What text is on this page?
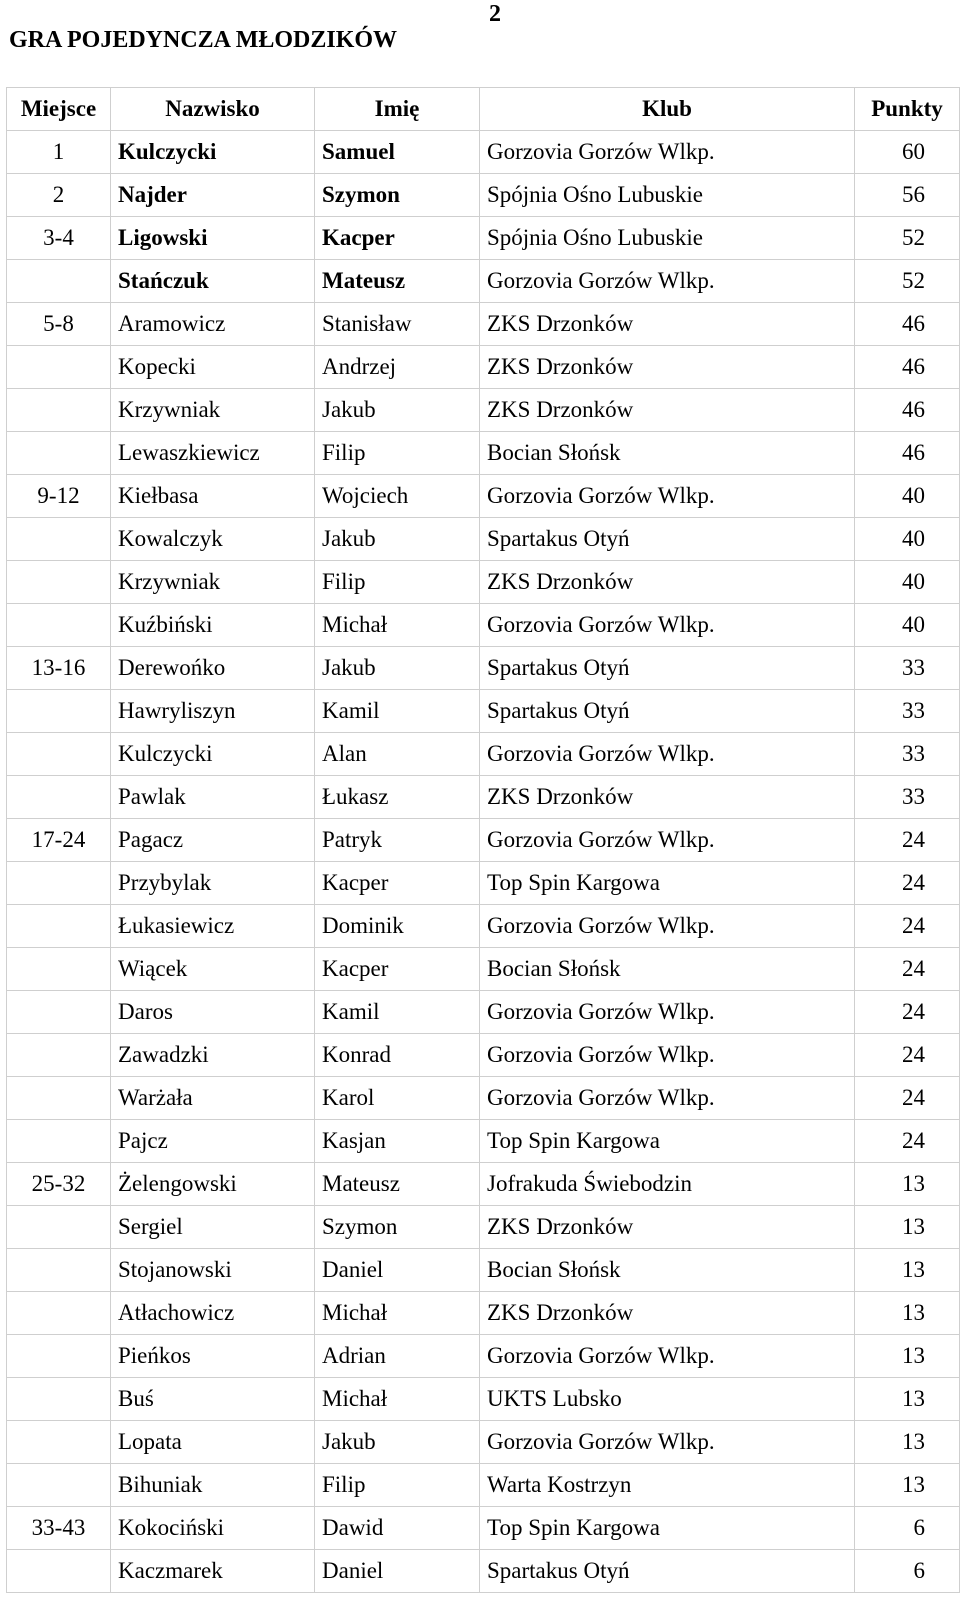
2
GRA POJEDYNCZA MŁODZIKÓW
Miejsce	Nazwisko	Imię	Klub	Punkty
1	Kulczycki	Samuel	Gorzovia Gorzów Wlkp.	60
2	Najder	Szymon	Spójnia Ośno Lubuskie	56
3-4	Ligowski	Kacper	Spójnia Ośno Lubuskie	52
	Stańczuk	Mateusz	Gorzovia Gorzów Wlkp.	52
5-8	Aramowicz	Stanisław	ZKS Drzonków	46
	Kopecki	Andrzej	ZKS Drzonków	46
	Krzywniak	Jakub	ZKS Drzonków	46
	Lewaszkiewicz	Filip	Bocian Słońsk	46
9-12	Kiełbasa	Wojciech	Gorzovia Gorzów Wlkp.	40
	Kowalczyk	Jakub	Spartakus Otyń	40
	Krzywniak	Filip	ZKS Drzonków	40
	Kuźbiński	Michał	Gorzovia Gorzów Wlkp.	40
13-16	Derewońko	Jakub	Spartakus Otyń	33
	Hawryliszyn	Kamil	Spartakus Otyń	33
	Kulczycki	Alan	Gorzovia Gorzów Wlkp.	33
	Pawlak	Łukasz	ZKS Drzonków	33
17-24	Pagacz	Patryk	Gorzovia Gorzów Wlkp.	24
	Przybylak	Kacper	Top Spin Kargowa	24
	Łukasiewicz	Dominik	Gorzovia Gorzów Wlkp.	24
	Wiącek	Kacper	Bocian Słońsk	24
	Daros	Kamil	Gorzovia Gorzów Wlkp.	24
	Zawadzki	Konrad	Gorzovia Gorzów Wlkp.	24
	Warżała	Karol	Gorzovia Gorzów Wlkp.	24
	Pajcz	Kasjan	Top Spin Kargowa	24
25-32	Żelengowski	Mateusz	Jofrakuda Świebodzin	13
	Sergiel	Szymon	ZKS Drzonków	13
	Stojanowski	Daniel	Bocian Słońsk	13
	Atłachowicz	Michał	ZKS Drzonków	13
	Pieńkos	Adrian	Gorzovia Gorzów Wlkp.	13
	Buś	Michał	UKTS Lubsko	13
	Lopata	Jakub	Gorzovia Gorzów Wlkp.	13
	Bihuniak	Filip	Warta Kostrzyn	13
33-43	Kokociński	Dawid	Top Spin Kargowa	6
	Kaczmarek	Daniel	Spartakus Otyń	6
